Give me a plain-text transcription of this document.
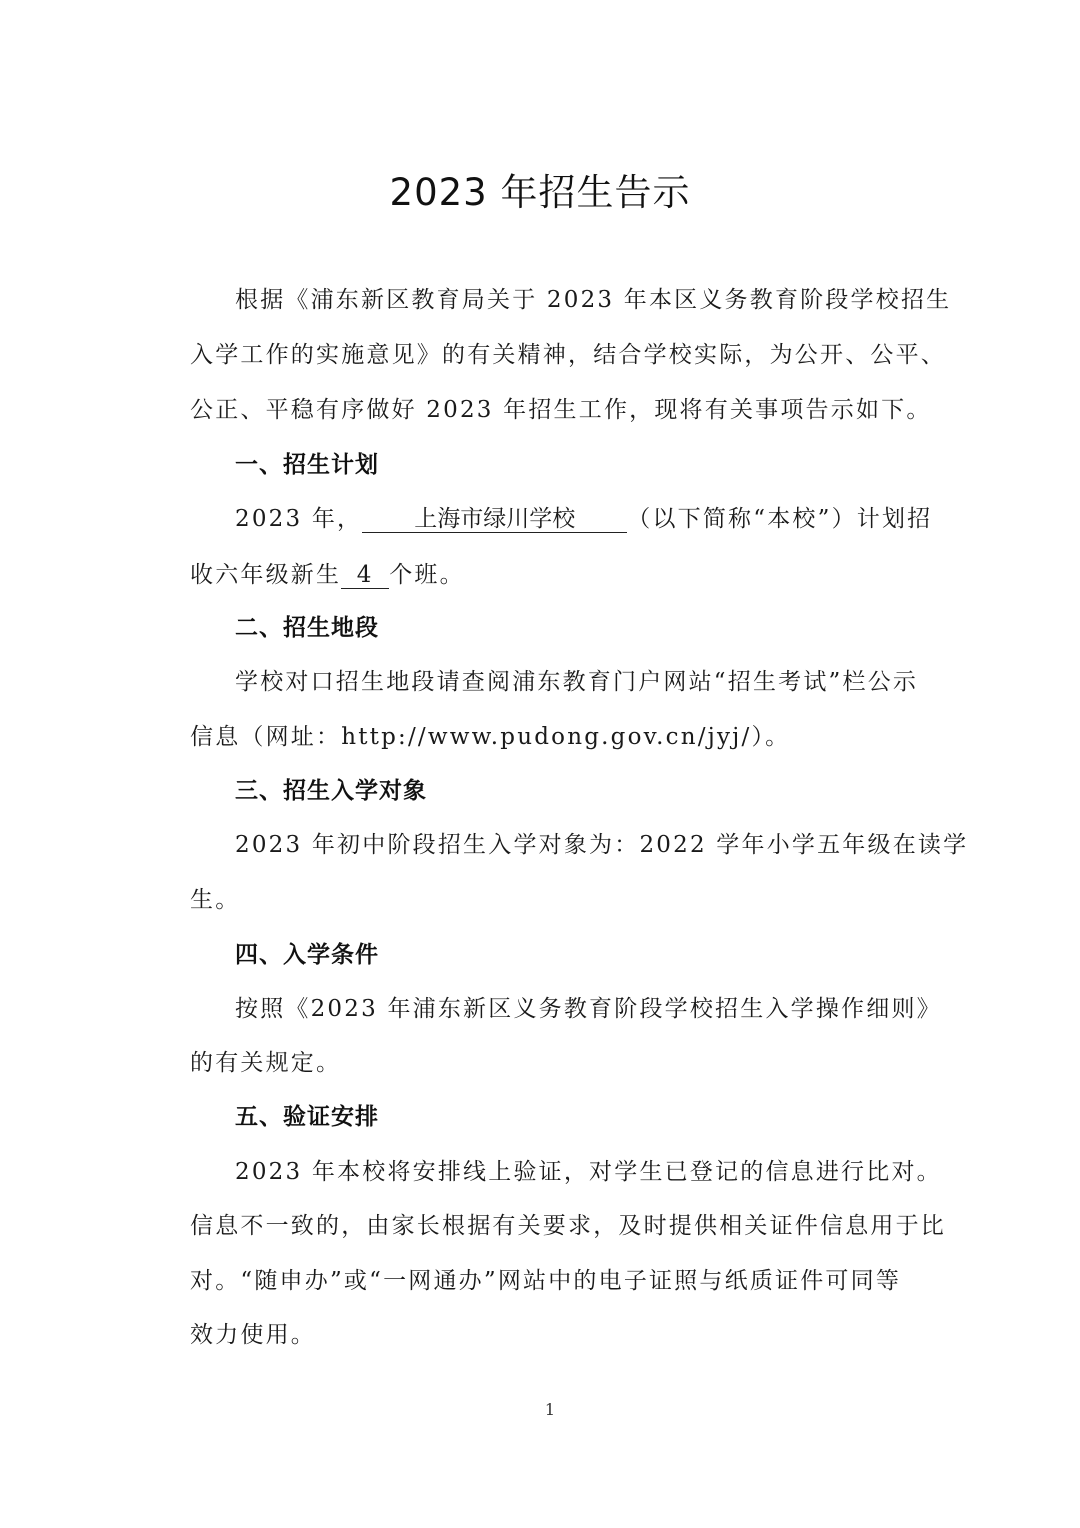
2023 年招生告示
根据《浦东新区教育局关于 2023 年本区义务教育阶段学校招生
入学工作的实施意见》的有关精神，结合学校实际，为公开、公平、
公正、平稳有序做好 2023 年招生工作，现将有关事项告示如下。
一、招生计划
2023 年， 上海市绿川学校 （以下简称“本校”）计划招
收六年级新生 4 个班。
二、招生地段
学校对口招生地段请查阅浦东教育门户网站“招生考试”栏公示
信息（网址：http://www.pudong.gov.cn/jyj/）。
三、招生入学对象
2023 年初中阶段招生入学对象为：2022 学年小学五年级在读学
生。
四、入学条件
按照《2023 年浦东新区义务教育阶段学校招生入学操作细则》
的有关规定。
五、验证安排
2023 年本校将安排线上验证，对学生已登记的信息进行比对。
信息不一致的，由家长根据有关要求，及时提供相关证件信息用于比
对。“随申办”或“一网通办”网站中的电子证照与纸质证件可同等
效力使用。
1
